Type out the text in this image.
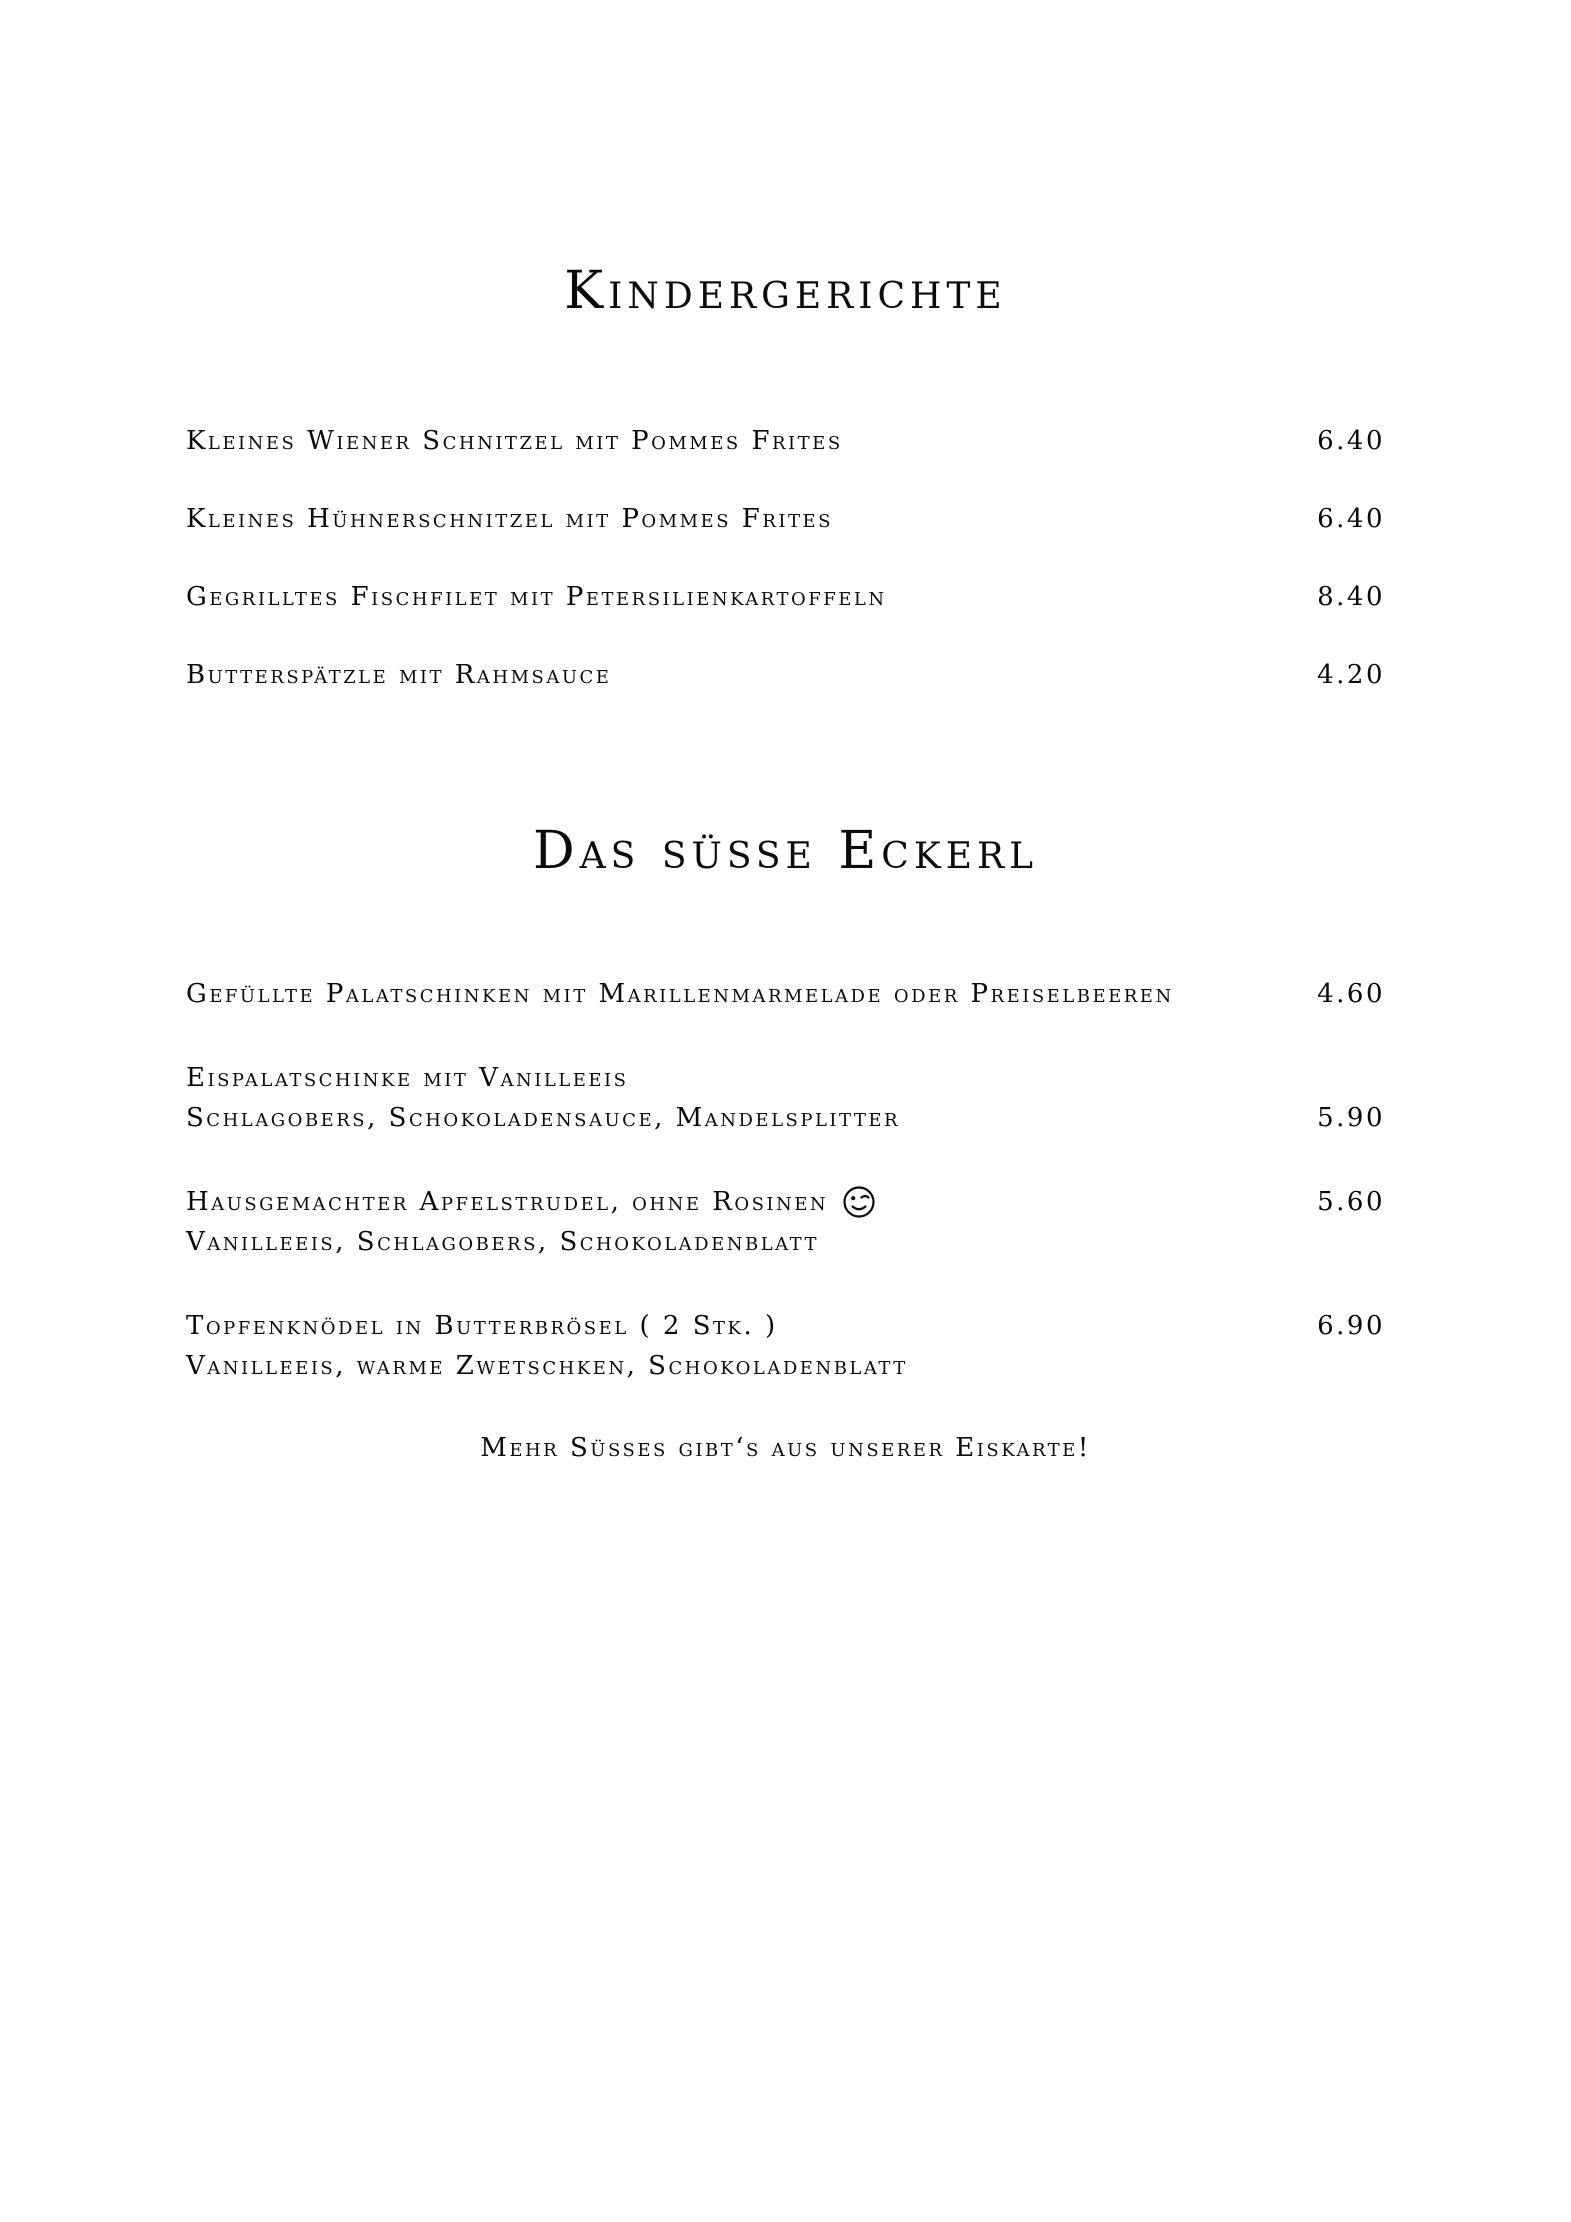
Kindergerichte
Kleines Wiener Schnitzel mit Pommes Frites	6.40
Kleines Hühnerschnitzel mit Pommes Frites	6.40
Gegrilltes Fischfilet mit Petersilienkartoffeln	8.40
Butterspätzle mit Rahmsauce	4.20
Das süsse Eckerl
Gefüllte Palatschinken mit Marillenmarmelade oder Preiselbeeren	4.60
Eispalatschinke mit Vanilleeis
Schlagobers, Schokoladensauce, Mandelsplitter	5.90
Hausgemachter Apfelstrudel, ohne Rosinen	5.60
Vanilleeis, Schlagobers, Schokoladenblatt
Topfenknödel in Butterbrösel ( 2 Stk. )	6.90
Vanilleeis, warme Zwetschken, Schokoladenblatt

Mehr Süsses gibt‘s aus unserer Eiskarte!
